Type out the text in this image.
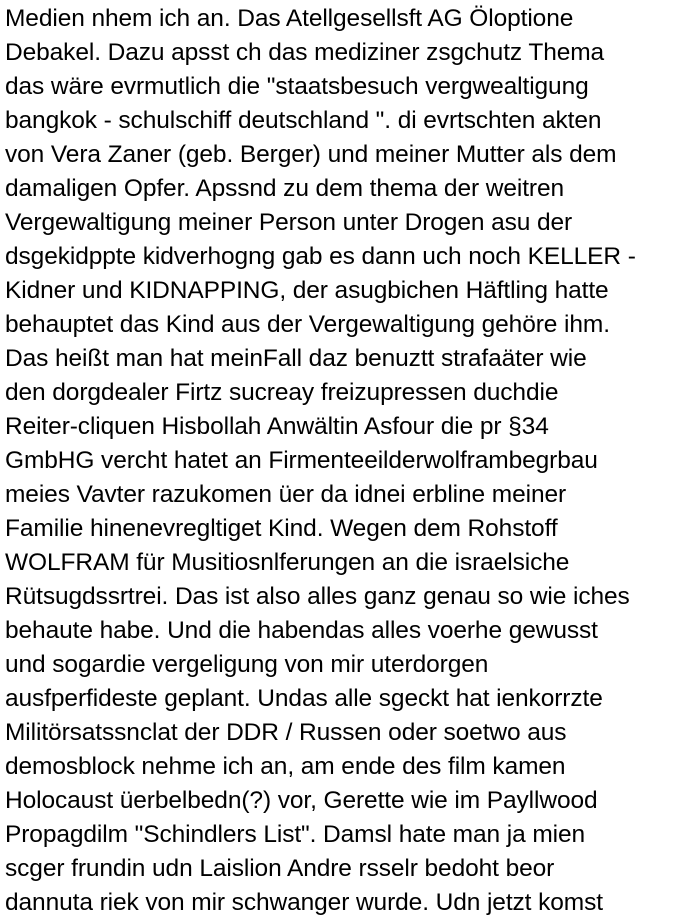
Medien nhem ich an. Das Atellgesellsft AG Öloptione
Debakel. Dazu apsst ch das mediziner zsgchutz Thema
das wäre evrmutlich die "staatsbesuch vergwealtigung
bangkok - schulschiff deutschland ". di evrtschten akten
von Vera Zaner (geb. Berger) und meiner Mutter als dem
damaligen Opfer. Apssnd zu dem thema der weitren
Vergewaltigung meiner Person unter Drogen asu der
dsgekidppte kidverhogng gab es dann uch noch KELLER -
Kidner und KIDNAPPING, der asugbichen Häftling hatte
behauptet das Kind aus der Vergewaltigung gehöre ihm.
Das heißt man hat meinFall daz benuztt strafaäter wie
den dorgdealer Firtz sucreay freizupressen duchdie
Reiter-cliquen Hisbollah Anwältin Asfour die pr §34
GmbHG vercht hatet an Firmenteeilderwolframbegrbau
meies Vavter razukomen üer da idnei erbline meiner
Familie hinenevregltiget Kind. Wegen dem Rohstoff
WOLFRAM für Musitiosnlferungen an die israelsiche
Rütsugdssrtrei. Das ist also alles ganz genau so wie iches
behaute habe. Und die habendas alles voerhe gewusst
und sogardie vergeligung von mir uterdorgen
ausfperfideste geplant. Undas alle sgeckt hat ienkorrzte
Militörsatssnclat der DDR / Russen oder soetwo aus
demosblock nehme ich an, am ende des film kamen
Holocaust üerbelbedn(?) vor, Gerette wie im Payllwood
Propagdilm "Schindlers List". Damsl hate man ja mien
scger frundin udn Laislion Andre rsselr bedoht beor
dannuta riek von mir schwanger wurde. Udn jetzt komst
